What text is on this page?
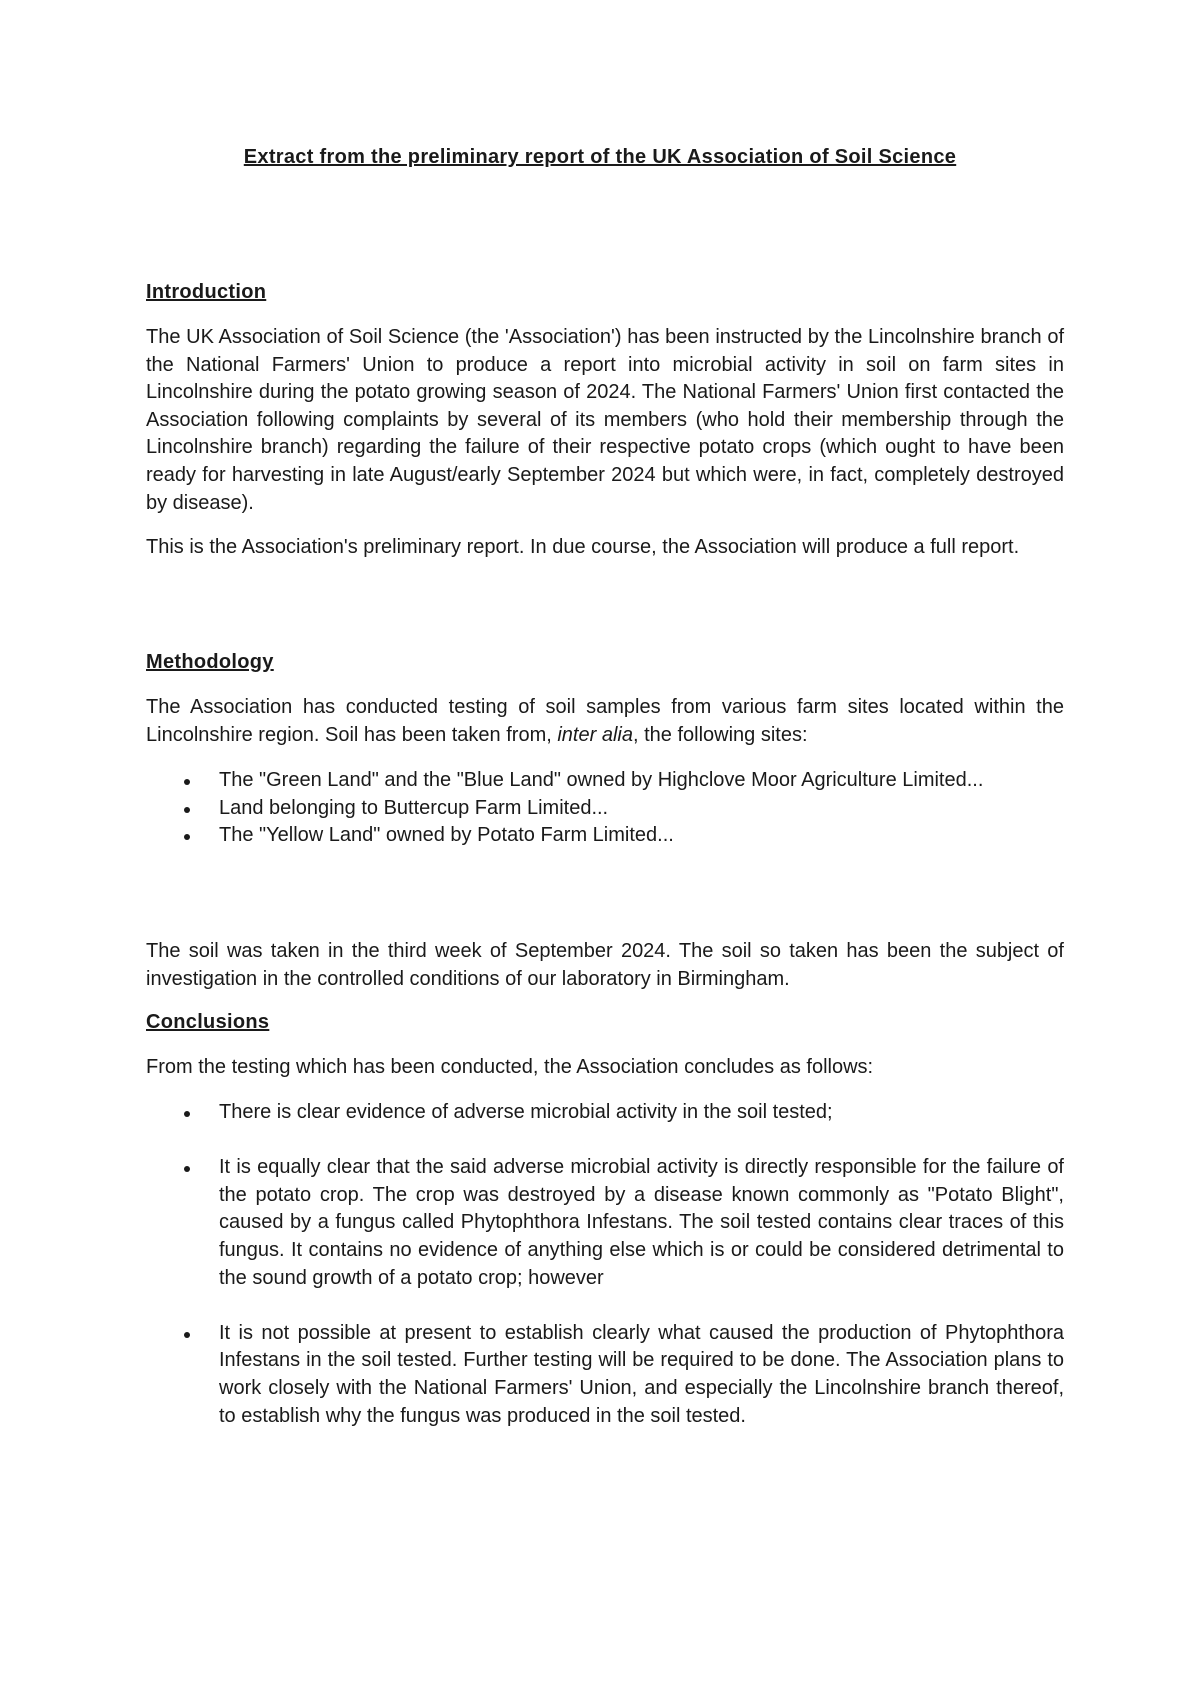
Extract from the preliminary report of the UK Association of Soil Science
Introduction

The UK Association of Soil Science (the 'Association') has been instructed by the Lincolnshire branch of the National Farmers' Union to produce a report into microbial activity in soil on farm sites in Lincolnshire during the potato growing season of 2024. The National Farmers' Union first contacted the Association following complaints by several of its members (who hold their membership through the Lincolnshire branch) regarding the failure of their respective potato crops (which ought to have been ready for harvesting in late August/early September 2024 but which were, in fact, completely destroyed by disease).

This is the Association's preliminary report. In due course, the Association will produce a full report.

Methodology

The Association has conducted testing of soil samples from various farm sites located within the Lincolnshire region. Soil has been taken from, inter alia, the following sites:

The "Green Land" and the "Blue Land" owned by Highclove Moor Agriculture Limited...
Land belonging to Buttercup Farm Limited...
The "Yellow Land" owned by Potato Farm Limited...

The soil was taken in the third week of September 2024. The soil so taken has been the subject of investigation in the controlled conditions of our laboratory in Birmingham.

Conclusions

From the testing which has been conducted, the Association concludes as follows:

There is clear evidence of adverse microbial activity in the soil tested;
It is equally clear that the said adverse microbial activity is directly responsible for the failure of the potato crop. The crop was destroyed by a disease known commonly as "Potato Blight", caused by a fungus called Phytophthora Infestans. The soil tested contains clear traces of this fungus. It contains no evidence of anything else which is or could be considered detrimental to the sound growth of a potato crop; however
It is not possible at present to establish clearly what caused the production of Phytophthora Infestans in the soil tested. Further testing will be required to be done. The Association plans to work closely with the National Farmers' Union, and especially the Lincolnshire branch thereof, to establish why the fungus was produced in the soil tested.
